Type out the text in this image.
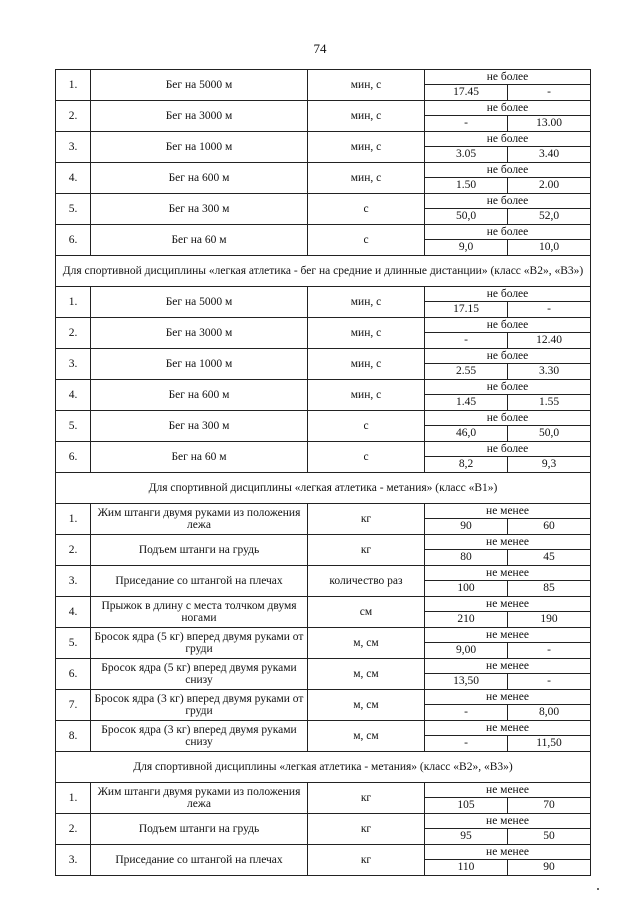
74
1.	Бег на 5000 м	мин, с	не более
17.45 -

2.	Бег на 3000 м	мин, с	не более
- 13.00

3.	Бег на 1000 м	мин, с	не более
3.05 3.40

4.	Бег на 600 м	мин, с	не более
1.50 2.00

5.	Бег на 300 м	с	не более
50,0 52,0

6.	Бег на 60 м	с	не более
9,0 10,0

Для спортивной дисциплины «легкая атлетика - бег на средние и длинные дистанции» (класс «В2», «В3»)			
1.	Бег на 5000 м	мин, с	не более
17.15 -

2.	Бег на 3000 м	мин, с	не более
- 12.40

3.	Бег на 1000 м	мин, с	не более
2.55 3.30

4.	Бег на 600 м	мин, с	не более
1.45 1.55

5.	Бег на 300 м	с	не более
46,0 50,0

6.	Бег на 60 м	с	не более
8,2 9,3

Для спортивной дисциплины «легкая атлетика - метания» (класс «В1»)			
1.	Жим штанги двумя руками из положения лежа	кг	не менее
90 60

2.	Подъем штанги на грудь	кг	не менее
80 45

3.	Приседание со штангой на плечах	количество раз	не менее
100 85

4.	Прыжок в длину с места толчком двумя ногами	см	не менее
210 190

5.	Бросок ядра (5 кг) вперед двумя руками от груди	м, см	не менее
9,00 -

6.	Бросок ядра (5 кг) вперед двумя руками снизу	м, см	не менее
13,50 -

7.	Бросок ядра (3 кг) вперед двумя руками от груди	м, см	не менее
- 8,00

8.	Бросок ядра (3 кг) вперед двумя руками снизу	м, см	не менее
- 11,50

Для спортивной дисциплины «легкая атлетика - метания» (класс «В2», «В3»)			
1.	Жим штанги двумя руками из положения лежа	кг	не менее
105 70

2.	Подъем штанги на грудь	кг	не менее
95 50

3.	Приседание со штангой на плечах	кг	не менее
110 90
